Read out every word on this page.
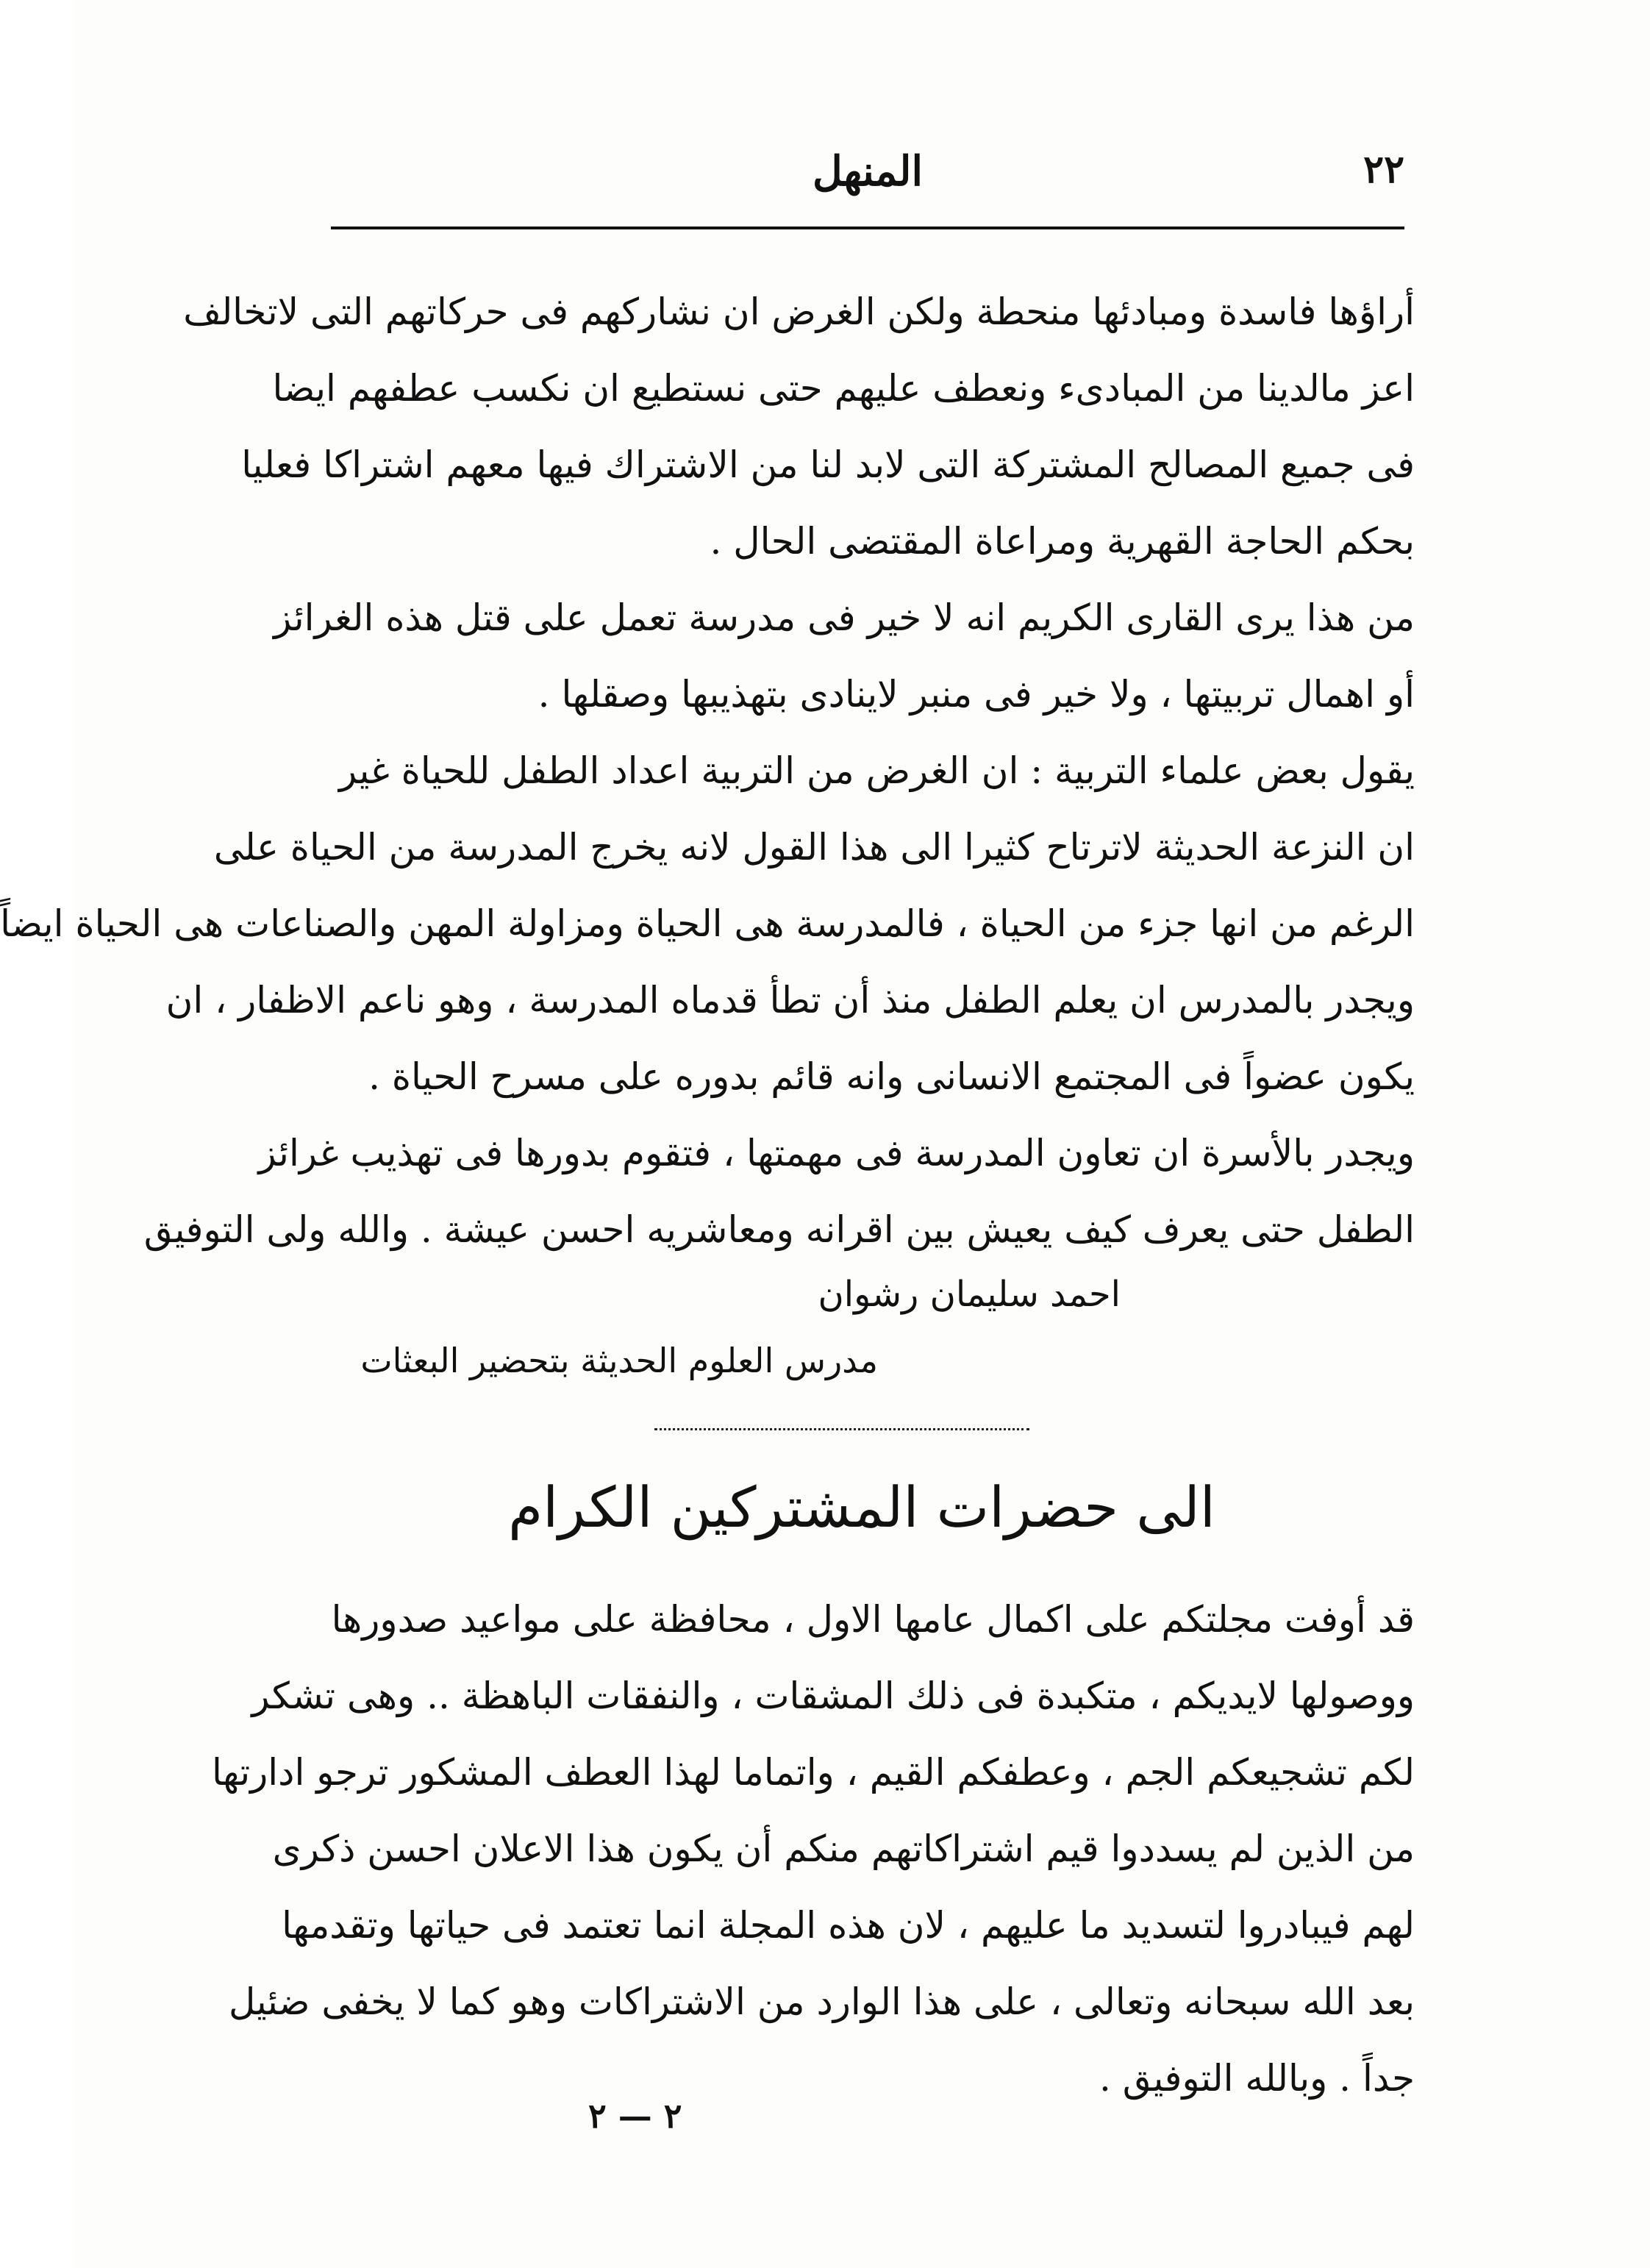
٢٢
المنهل
أراؤها فاسدة ومبادئها منحطة ولكن الغرض ان نشاركهم فى حركاتهم التى لاتخالف
اعز مالدينا من المبادىء ونعطف عليهم حتى نستطيع ان نكسب عطفهم ايضا
فى جميع المصالح المشتركة التى لابد لنا من الاشتراك فيها معهم اشتراكا فعليا
بحكم الحاجة القهرية ومراعاة المقتضى الحال .
من هذا يرى القارى الكريم انه لا خير فى مدرسة تعمل على قتل هذه الغرائز
أو اهمال تربيتها ، ولا خير فى منبر لاينادى بتهذيبها وصقلها .
يقول بعض علماء التربية : ان الغرض من التربية اعداد الطفل للحياة غير
ان النزعة الحديثة لاترتاح كثيرا الى هذا القول لانه يخرج المدرسة من الحياة على
الرغم من انها جزء من الحياة ، فالمدرسة هى الحياة ومزاولة المهن والصناعات هى الحياة ايضاً
ويجدر بالمدرس ان يعلم الطفل منذ أن تطأ قدماه المدرسة ، وهو ناعم الاظفار ، ان
يكون عضواً فى المجتمع الانسانى وانه قائم بدوره على مسرح الحياة .
ويجدر بالأسرة ان تعاون المدرسة فى مهمتها ، فتقوم بدورها فى تهذيب غرائز
الطفل حتى يعرف كيف يعيش بين اقرانه ومعاشريه احسن عيشة . والله ولى التوفيق
احمد سليمان رشوان
مدرس العلوم الحديثة بتحضير البعثات
الى حضرات المشتركين الكرام
قد أوفت مجلتكم على اكمال عامها الاول ، محافظة على مواعيد صدورها
ووصولها لايديكم ، متكبدة فى ذلك المشقات ، والنفقات الباهظة .. وهى تشكر
لكم تشجيعكم الجم ، وعطفكم القيم ، واتماما لهذا العطف المشكور ترجو ادارتها
من الذين لم يسددوا قيم اشتراكاتهم منكم أن يكون هذا الاعلان احسن ذكرى
لهم فيبادروا لتسديد ما عليهم ، لان هذه المجلة انما تعتمد فى حياتها وتقدمها
بعد الله سبحانه وتعالى ، على هذا الوارد من الاشتراكات وهو كما لا يخفى ضئيل
جداً . وبالله التوفيق .
٢ — ٢
